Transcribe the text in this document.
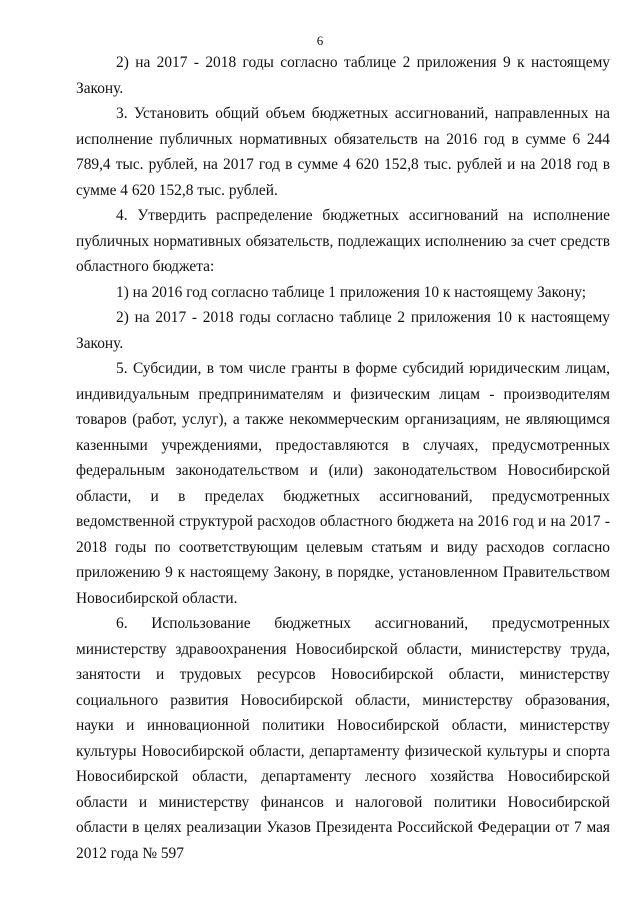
6

2) на 2017 - 2018 годы согласно таблице 2 приложения 9 к настоящему Закону.

3. Установить общий объем бюджетных ассигнований, направленных на исполнение публичных нормативных обязательств на 2016 год в сумме 6 244 789,4 тыс. рублей, на 2017 год в сумме 4 620 152,8 тыс. рублей и на 2018 год в сумме 4 620 152,8 тыс. рублей.

4. Утвердить распределение бюджетных ассигнований на исполнение публичных нормативных обязательств, подлежащих исполнению за счет средств областного бюджета:

1) на 2016 год согласно таблице 1 приложения 10 к настоящему Закону;

2) на 2017 - 2018 годы согласно таблице 2 приложения 10 к настоящему Закону.

5. Субсидии, в том числе гранты в форме субсидий юридическим лицам, индивидуальным предпринимателям и физическим лицам - производителям товаров (работ, услуг), а также некоммерческим организациям, не являющимся казенными учреждениями, предоставляются в случаях, предусмотренных федеральным законодательством и (или) законодательством Новосибирской области, и в пределах бюджетных ассигнований, предусмотренных ведомственной структурой расходов областного бюджета на 2016 год и на 2017 - 2018 годы по соответствующим целевым статьям и виду расходов согласно приложению 9 к настоящему Закону, в порядке, установленном Правительством Новосибирской области.

6. Использование бюджетных ассигнований, предусмотренных министерству здравоохранения Новосибирской области, министерству труда, занятости и трудовых ресурсов Новосибирской области, министерству социального развития Новосибирской области, министерству образования, науки и инновационной политики Новосибирской области, министерству культуры Новосибирской области, департаменту физической культуры и спорта Новосибирской области, департаменту лесного хозяйства Новосибирской области и министерству финансов и налоговой политики Новосибирской области в целях реализации Указов Президента Российской Федерации от 7 мая 2012 года № 597
